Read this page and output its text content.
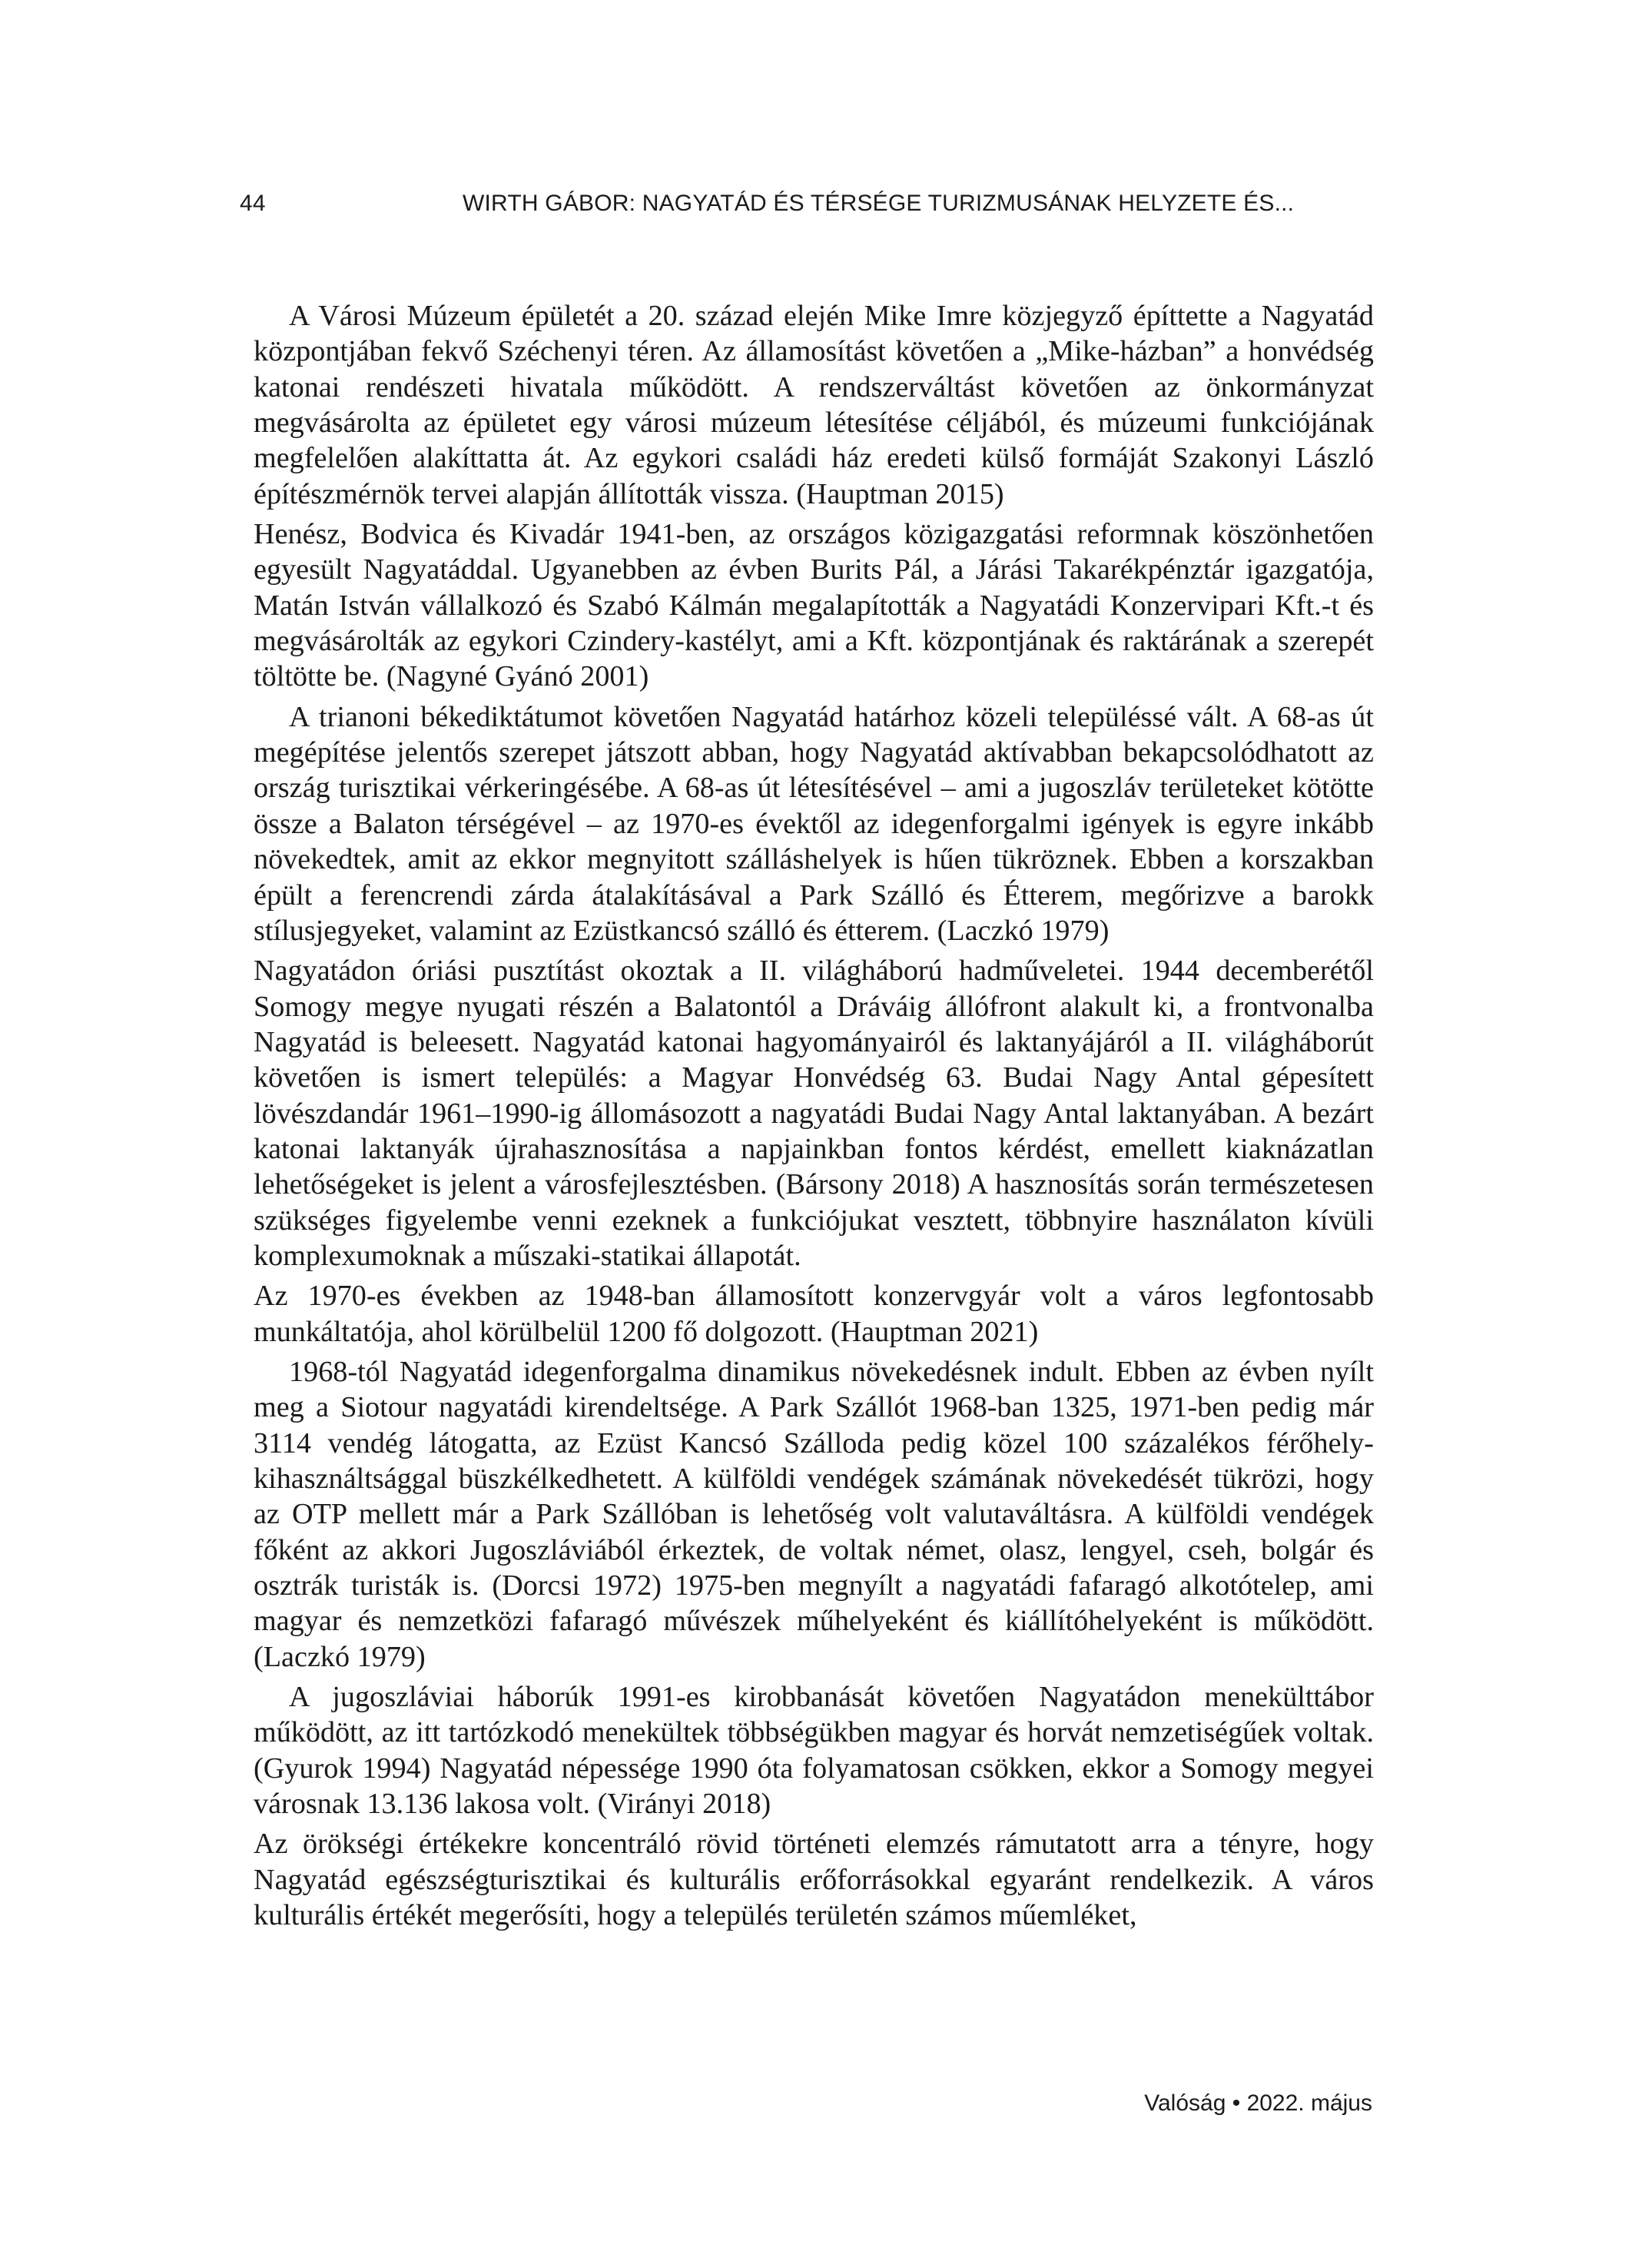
44	WIRTH GÁBOR: NAGYATÁD ÉS TÉRSÉGE TURIZMUSÁNAK HELYZETE ÉS...

A Városi Múzeum épületét a 20. század elején Mike Imre közjegyző építtette a Nagyatád központjában fekvő Széchenyi téren. Az államosítást követően a „Mike-házban” a honvédség katonai rendészeti hivatala működött. A rendszerváltást követően az önkormányzat megvásárolta az épületet egy városi múzeum létesítése céljából, és múzeumi funkciójának megfelelően alakíttatta át. Az egykori családi ház eredeti külső formáját Szakonyi László építészmérnök tervei alapján állították vissza. (Hauptman 2015)

Henész, Bodvica és Kivadár 1941-ben, az országos közigazgatási reformnak köszönhetően egyesült Nagyatáddal. Ugyanebben az évben Burits Pál, a Járási Takarékpénztár igazgatója, Matán István vállalkozó és Szabó Kálmán megalapították a Nagyatádi Konzervipari Kft.-t és megvásárolták az egykori Czindery-kastélyt, ami a Kft. központjának és raktárának a szerepét töltötte be. (Nagyné Gyánó 2001)

A trianoni békediktátumot követően Nagyatád határhoz közeli településsé vált. A 68-as út megépítése jelentős szerepet játszott abban, hogy Nagyatád aktívabban bekapcsolódhatott az ország turisztikai vérkeringésébe. A 68-as út létesítésével – ami a jugoszláv területeket kötötte össze a Balaton térségével – az 1970-es évektől az idegenforgalmi igények is egyre inkább növekedtek, amit az ekkor megnyitott szálláshelyek is hűen tükröznek. Ebben a korszakban épült a ferencrendi zárda átalakításával a Park Szálló és Étterem, megőrizve a barokk stílusjegyeket, valamint az Ezüstkancsó szálló és étterem. (Laczkó 1979)

Nagyatádon óriási pusztítást okoztak a II. világháború hadműveletei. 1944 decemberétől Somogy megye nyugati részén a Balatontól a Dráváig állófront alakult ki, a frontvonalba Nagyatád is beleesett. Nagyatád katonai hagyományairól és laktanyájáról a II. világháborút követően is ismert település: a Magyar Honvédség 63. Budai Nagy Antal gépesített lövészdandár 1961–1990-ig állomásozott a nagyatádi Budai Nagy Antal laktanyában. A bezárt katonai laktanyák újrahasznosítása a napjainkban fontos kérdést, emellett kiaknázatlan lehetőségeket is jelent a városfejlesztésben. (Bársony 2018) A hasznosítás során természetesen szükséges figyelembe venni ezeknek a funkciójukat vesztett, többnyire használaton kívüli komplexumoknak a műszaki-statikai állapotát.

Az 1970-es években az 1948-ban államosított konzervgyár volt a város legfontosabb munkáltatója, ahol körülbelül 1200 fő dolgozott. (Hauptman 2021)

1968-tól Nagyatád idegenforgalma dinamikus növekedésnek indult. Ebben az évben nyílt meg a Siotour nagyatádi kirendeltsége. A Park Szállót 1968-ban 1325, 1971-ben pedig már 3114 vendég látogatta, az Ezüst Kancsó Szálloda pedig közel 100 százalékos férőhely-kihasználtsággal büszkélkedhetett. A külföldi vendégek számának növekedését tükrözi, hogy az OTP mellett már a Park Szállóban is lehetőség volt valutaváltásra. A külföldi vendégek főként az akkori Jugoszláviából érkeztek, de voltak német, olasz, lengyel, cseh, bolgár és osztrák turisták is. (Dorcsi 1972) 1975-ben megnyílt a nagyatádi fafaragó alkotótelep, ami magyar és nemzetközi fafaragó művészek műhelyeként és kiállítóhelyeként is működött. (Laczkó 1979)

A jugoszláviai háborúk 1991-es kirobbanását követően Nagyatádon menekülttábor működött, az itt tartózkodó menekültek többségükben magyar és horvát nemzetiségűek voltak. (Gyurok 1994) Nagyatád népessége 1990 óta folyamatosan csökken, ekkor a Somogy megyei városnak 13.136 lakosa volt. (Virányi 2018)

Az örökségi értékekre koncentráló rövid történeti elemzés rámutatott arra a tényre, hogy Nagyatád egészségturisztikai és kulturális erőforrásokkal egyaránt rendelkezik. A város kulturális értékét megerősíti, hogy a település területén számos műemléket,

Valóság • 2022. május
